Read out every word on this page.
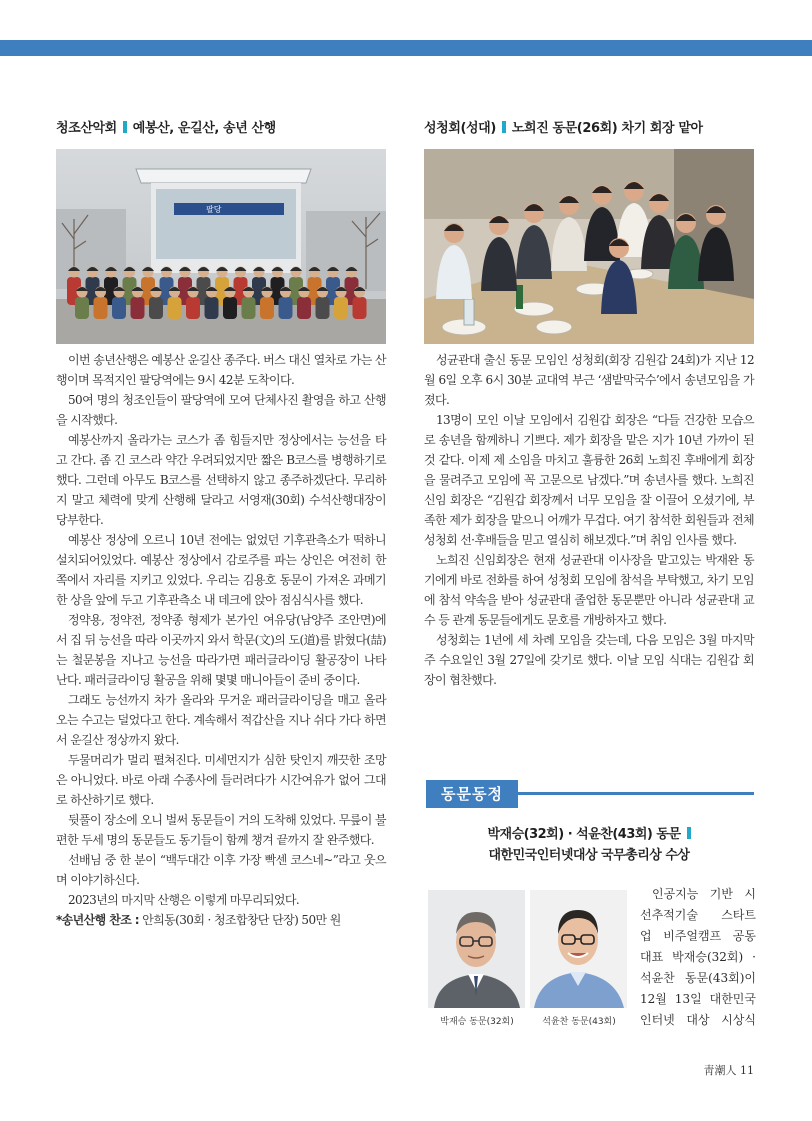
청조산악회 예봉산, 운길산, 송년 산행
팔당

이번 송년산행은 예봉산 운길산 종주다. 버스 대신 열차로 가는 산행이며 목적지인 팔당역에는 9시 42분 도착이다.

50여 명의 청조인들이 팔당역에 모여 단체사진 촬영을 하고 산행을 시작했다.

예봉산까지 올라가는 코스가 좀 힘들지만 정상에서는 능선을 타고 간다. 좀 긴 코스라 약간 우려되었지만 짧은 B코스를 병행하기로 했다. 그런데 아무도 B코스를 선택하지 않고 종주하겠단다. 무리하지 말고 체력에 맞게 산행해 달라고 서영재(30회) 수석산행대장이 당부한다.

예봉산 정상에 오르니 10년 전에는 없었던 기후관측소가 떡하니 설치되어있었다. 예봉산 정상에서 감로주를 파는 상인은 여전히 한쪽에서 자리를 지키고 있었다. 우리는 김용호 동문이 가져온 과메기 한 상을 앞에 두고 기후관측소 내 데크에 앉아 점심식사를 했다.

정약용, 정약전, 정약종 형제가 본가인 여유당(남양주 조안면)에서 집 뒤 능선을 따라 이곳까지 와서 학문(文)의 도(道)를 밝혔다(喆)는 철문봉을 지나고 능선을 따라가면 패러글라이딩 활공장이 나타난다. 패러글라이딩 활공을 위해 몇몇 매니아들이 준비 중이다.

그래도 능선까지 차가 올라와 무거운 패러글라이딩을 매고 올라오는 수고는 덜었다고 한다. 계속해서 적갑산을 지나 쉬다 가다 하면서 운길산 정상까지 왔다.

두물머리가 멀리 펼쳐진다. 미세먼지가 심한 탓인지 깨끗한 조망은 아니었다. 바로 아래 수종사에 들러려다가 시간여유가 없어 그대로 하산하기로 했다.

뒷풀이 장소에 오니 벌써 동문들이 거의 도착해 있었다. 무릎이 불편한 두세 명의 동문들도 동기들이 함께 챙겨 끝까지 잘 완주했다.

선배님 중 한 분이 “백두대간 이후 가장 빡센 코스네~”라고 웃으며 이야기하신다.

2023년의 마지막 산행은 이렇게 마무리되었다.

*송년산행 찬조 : 안희동(30회 · 청조합창단 단장) 50만 원

성청회(성대) 노희진 동문(26회) 차기 회장 맡아

성균관대 출신 동문 모임인 성청회(회장 김원갑 24회)가 지난 12월 6일 오후 6시 30분 교대역 부근 ‘샘밭막국수’에서 송년모임을 가졌다.

13명이 모인 이날 모임에서 김원갑 회장은 “다들 건강한 모습으로 송년을 함께하니 기쁘다. 제가 회장을 맡은 지가 10년 가까이 된 것 같다. 이제 제 소임을 마치고 훌륭한 26회 노희진 후배에게 회장을 물려주고 모임에 꼭 고문으로 남겠다.”며 송년사를 했다. 노희진 신임 회장은 “김원갑 회장께서 너무 모임을 잘 이끌어 오셨기에, 부족한 제가 회장을 맡으니 어깨가 무겁다. 여기 참석한 회원들과 전체 성청회 선·후배들을 믿고 열심히 해보겠다.”며 취임 인사를 했다.

노희진 신임회장은 현재 성균관대 이사장을 맡고있는 박재완 동기에게 바로 전화를 하여 성청회 모임에 참석을 부탁했고, 차기 모임에 참석 약속을 받아 성균관대 졸업한 동문뿐만 아니라 성균관대 교수 등 관계 동문들에게도 문호를 개방하자고 했다.

성청회는 1년에 세 차례 모임을 갖는데, 다음 모임은 3월 마지막주 수요일인 3월 27일에 갖기로 했다. 이날 모임 식대는 김원갑 회장이 협찬했다.

동문동정
박재승(32회) · 석윤찬(43회) 동문
대한민국인터넷대상 국무총리상 수상
박재승 동문(32회)	석윤찬 동문(43회)
인공지능 기반 시
선추적기술 스타트
업 비주얼캠프 공동
대표 박재승(32회) ·
석윤찬 동문(43회)이
12월 13일 대한민국
인터넷 대상 시상식
靑潮人 11
